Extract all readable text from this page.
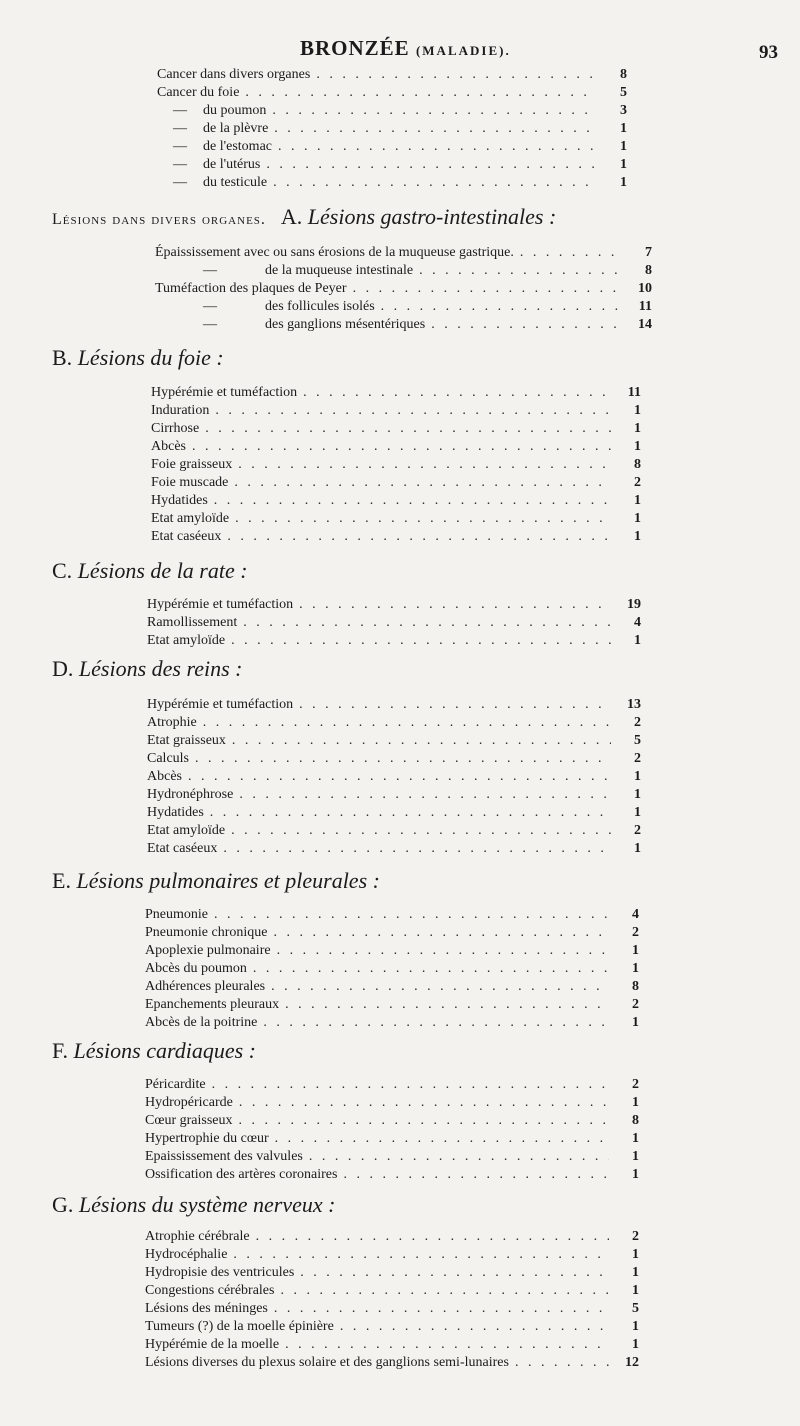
BRONZÉE (MALADIE).	93
Cancer dans divers organes . . .	8
Cancer du foie . . .	5
— du poumon . . .	3
— de la plèvre . . .	1
— de l'estomac . . .	1
— de l'utérus . . .	1
— du testicule . . .	1
Lésions dans divers organes. A. Lésions gastro-intestinales :
Épaississement avec ou sans érosions de la muqueuse gastrique. . . .	7
—	de la muqueuse intestinale . . .	8
Tuméfaction des plaques de Peyer . . .	10
—	des follicules isolés . . .	11
—	des ganglions mésentériques . . .	14
B. Lésions du foie :
Hypérémie et tuméfaction . . .	11
Induration . . .	1
Cirrhose . . .	1
Abcès . . .	1
Foie graisseux . . .	8
Foie muscade . . .	2
Hydatides . . .	1
Etat amyloïde . . .	1
Etat caséeux . . .	1
C. Lésions de la rate :
Hypérémie et tuméfaction . . .	19
Ramollissement . . .	4
Etat amyloïde . . .	1
D. Lésions des reins :
Hypérémie et tuméfaction . . .	13
Atrophie . . .	2
Etat graisseux . . .	5
Calculs . . .	2
Abcès . . .	1
Hydronéphrose . . .	1
Hydatides . . .	1
Etat amyloïde . . .	2
Etat caséeux . . .	1
E. Lésions pulmonaires et pleurales :
Pneumonie . . .	4
Pneumonie chronique . . .	2
Apoplexie pulmonaire . . .	1
Abcès du poumon . . .	1
Adhérences pleurales . . .	8
Epanchements pleuraux . . .	2
Abcès de la poitrine . . .	1
F. Lésions cardiaques :
Péricardite . . .	2
Hydropéricarde . . .	1
Cœur graisseux . . .	8
Hypertrophie du cœur . . .	1
Epaississement des valvules . . .	1
Ossification des artères coronaires . . .	1
G. Lésions du système nerveux :
Atrophie cérébrale . . .	2
Hydrocéphalie . . .	1
Hydropisie des ventricules . . .	1
Congestions cérébrales . . .	1
Lésions des méninges . . .	5
Tumeurs (?) de la moelle épinière . . .	1
Hypérémie de la moelle . . .	1
Lésions diverses du plexus solaire et des ganglions semi-lunaires . . .	12
